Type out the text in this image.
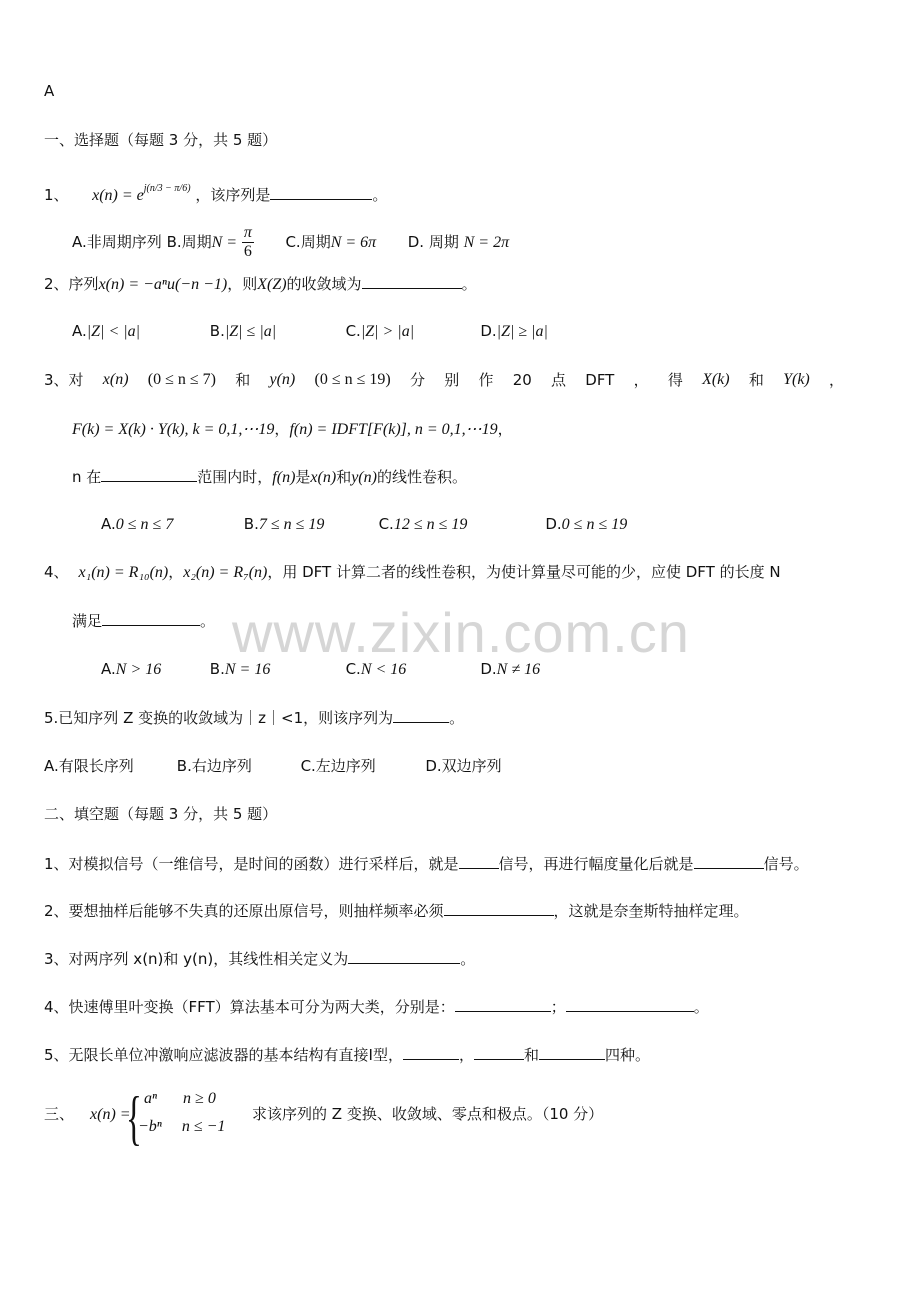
www.zixin.com.cn
A
一、选择题（每题 3 分，共 5 题）
1、 $x(n) = e^{j(n/3 - \pi/6)}$ ，该序列是	。
A.非周期序列 B.周期$N = \frac{\pi}{6} C$.周期N = 6π D. 周期 N = 2π
2、序列x(n) = −aⁿu(−n −1)，则X(Z)的收敛域为	。
A.|Z| < |a|	B.|Z| ≤ |a|	C.|Z| > |a|	D.|Z| ≥ |a|
3、对 x(n) (0 ≤ n ≤ 7) 和 y(n) (0 ≤ n ≤ 19) 分 别 作 20 点 DFT ， 得 X(k) 和 Y(k) ，
F(k) = X(k) · Y(k), k = 0,1,⋯19，f(n) = IDFT[F(k)], n = 0,1,⋯19，
n 在	范围内时，f(n)是x(n)和y(n)的线性卷积。
A.0 ≤ n ≤ 7	B.7 ≤ n ≤ 19	C.12 ≤ n ≤ 19	D.0 ≤ n ≤ 19
4、 x₁(n) = R₁₀(n)，x₂(n) = R₇(n)，用 DFT 计算二者的线性卷积，为使计算量尽可能的少，应使 DFT 的长度 N
满足	。
A.N > 16	B.N = 16	C.N < 16	D.N ≠ 16
5.已知序列 Z 变换的收敛域为｜z｜<1，则该序列为	。
A.有限长序列	B.右边序列	C.左边序列	D.双边序列
二、填空题（每题 3 分，共 5 题）
1、对模拟信号（一维信号，是时间的函数）进行采样后，就是	信号，再进行幅度量化后就是	信号。
2、要想抽样后能够不失真的还原出原信号，则抽样频率必须	，这就是奈奎斯特抽样定理。
3、对两序列 x(n)和 y(n)，其线性相关定义为	。
4、快速傅里叶变换（FFT）算法基本可分为两大类，分别是：	；	。
5、无限长单位冲激响应滤波器的基本结构有直接Ⅰ型，	，	和	四种。
三、 x(n) =
{ aⁿ n ≥ 0
−bⁿ n ≤ −1
求该序列的 Z 变换、收敛域、零点和极点。（10 分）
